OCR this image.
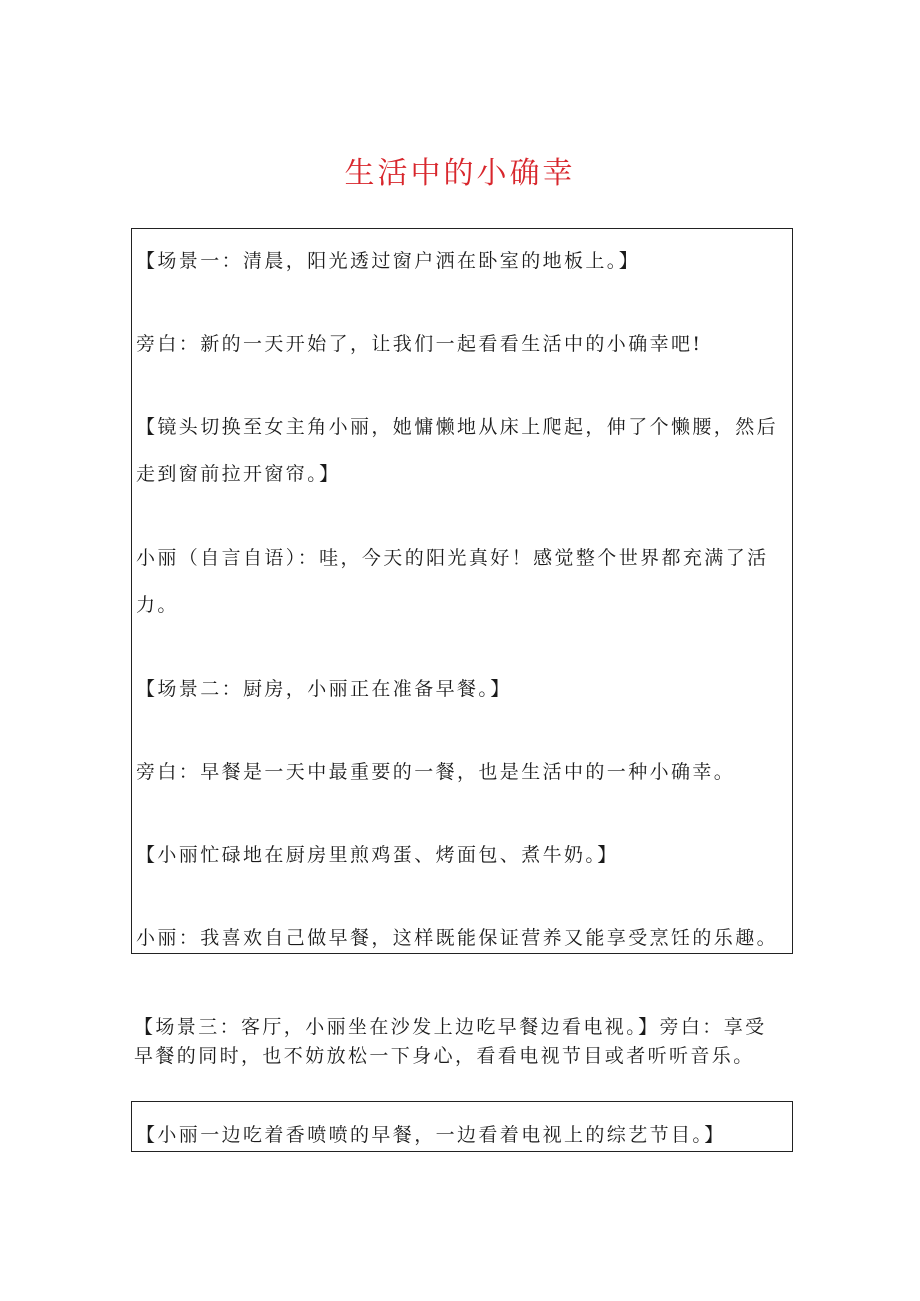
生活中的小确幸
【场景一：清晨，阳光透过窗户洒在卧室的地板上。】
旁白：新的一天开始了，让我们一起看看生活中的小确幸吧!
【镜头切换至女主角小丽，她慵懒地从床上爬起，伸了个懒腰，然后
走到窗前拉开窗帘。】
小丽（自言自语）：哇，今天的阳光真好！感觉整个世界都充满了活
力。
【场景二：厨房，小丽正在准备早餐。】
旁白：早餐是一天中最重要的一餐，也是生活中的一种小确幸。
【小丽忙碌地在厨房里煎鸡蛋、烤面包、煮牛奶。】
小丽：我喜欢自己做早餐，这样既能保证营养又能享受烹饪的乐趣。
【场景三：客厅，小丽坐在沙发上边吃早餐边看电视。】旁白：享受
早餐的同时，也不妨放松一下身心，看看电视节目或者听听音乐。
【小丽一边吃着香喷喷的早餐，一边看着电视上的综艺节目。】
